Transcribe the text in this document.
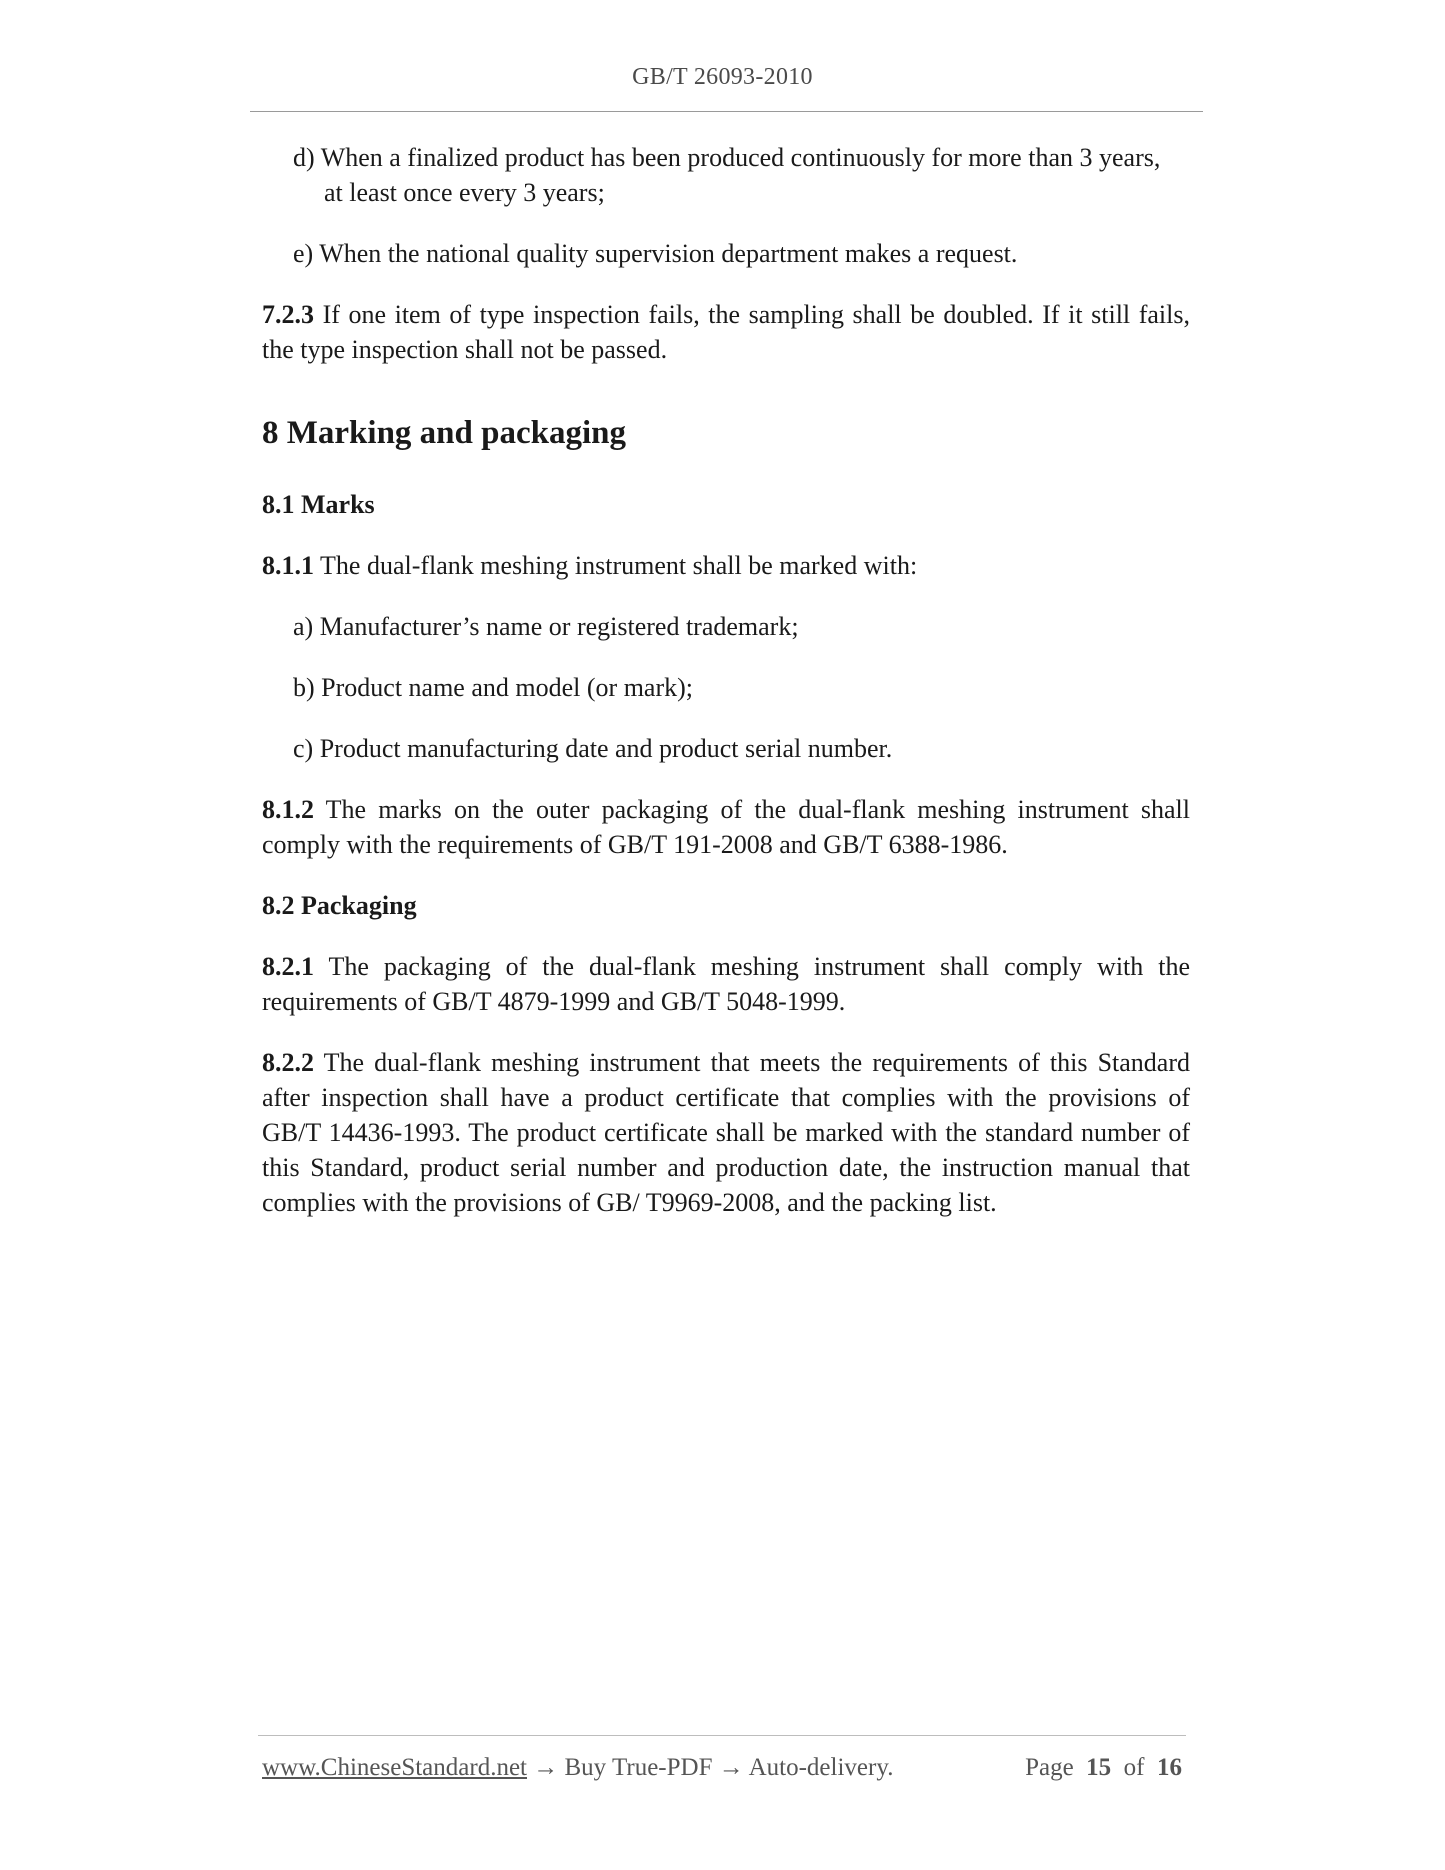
GB/T 26093-2010

d) When a finalized product has been produced continuously for more than 3 years,

at least once every 3 years;

e) When the national quality supervision department makes a request.

7.2.3 If one item of type inspection fails, the sampling shall be doubled. If it still fails, the type inspection shall not be passed.

8 Marking and packaging
8.1 Marks

8.1.1 The dual-flank meshing instrument shall be marked with:

a) Manufacturer’s name or registered trademark;

b) Product name and model (or mark);

c) Product manufacturing date and product serial number.

8.1.2 The marks on the outer packaging of the dual-flank meshing instrument shall comply with the requirements of GB/T 191-2008 and GB/T 6388-1986.

8.2 Packaging

8.2.1 The packaging of the dual-flank meshing instrument shall comply with the requirements of GB/T 4879-1999 and GB/T 5048-1999.

8.2.2 The dual-flank meshing instrument that meets the requirements of this Standard after inspection shall have a product certificate that complies with the provisions of GB/T 14436-1993. The product certificate shall be marked with the standard number of this Standard, product serial number and production date, the instruction manual that complies with the provisions of GB/ T9969-2008, and the packing list.

www.ChineseStandard.net → Buy True-PDF → Auto-delivery.	Page 15 of 16
